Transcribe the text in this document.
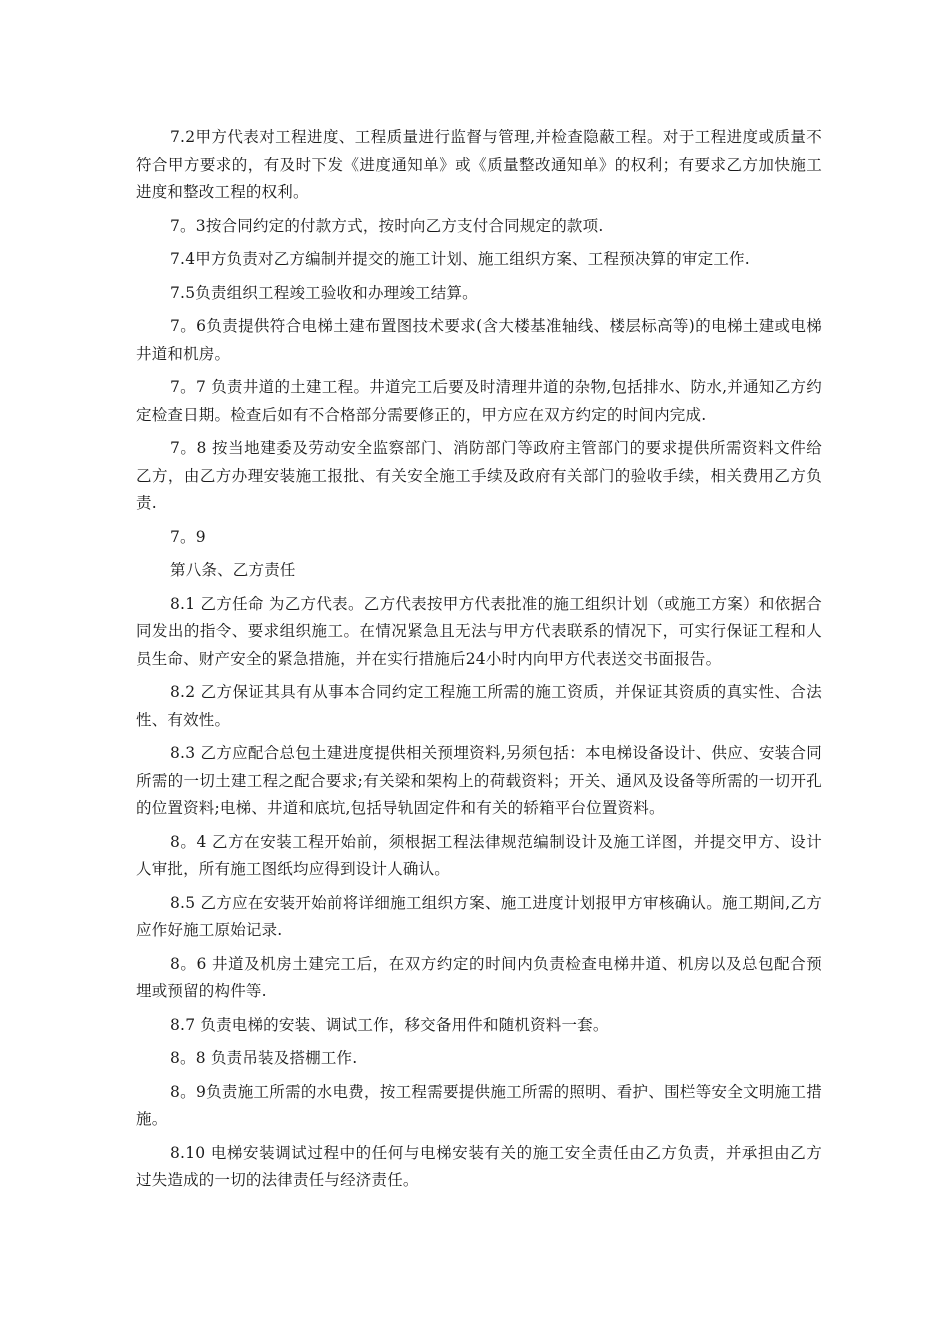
7.2甲方代表对工程进度、工程质量进行监督与管理,并检查隐蔽工程。对于工程进度或质量不符合甲方要求的，有及时下发《进度通知单》或《质量整改通知单》的权利；有要求乙方加快施工进度和整改工程的权利。

7。3按合同约定的付款方式，按时向乙方支付合同规定的款项.

7.4甲方负责对乙方编制并提交的施工计划、施工组织方案、工程预决算的审定工作.

7.5负责组织工程竣工验收和办理竣工结算。

7。6负责提供符合电梯土建布置图技术要求(含大楼基准轴线、楼层标高等)的电梯土建或电梯井道和机房。

7。7 负责井道的土建工程。井道完工后要及时清理井道的杂物,包括排水、防水,并通知乙方约定检查日期。检查后如有不合格部分需要修正的，甲方应在双方约定的时间内完成.

7。8 按当地建委及劳动安全监察部门、消防部门等政府主管部门的要求提供所需资料文件给乙方，由乙方办理安装施工报批、有关安全施工手续及政府有关部门的验收手续，相关费用乙方负责.

7。9

第八条、乙方责任

8.1 乙方任命 为乙方代表。乙方代表按甲方代表批准的施工组织计划（或施工方案）和依据合同发出的指令、要求组织施工。在情况紧急且无法与甲方代表联系的情况下，可实行保证工程和人员生命、财产安全的紧急措施，并在实行措施后24小时内向甲方代表送交书面报告。

8.2 乙方保证其具有从事本合同约定工程施工所需的施工资质，并保证其资质的真实性、合法性、有效性。

8.3 乙方应配合总包土建进度提供相关预埋资料,另须包括：本电梯设备设计、供应、安装合同所需的一切土建工程之配合要求;有关梁和架构上的荷载资料；开关、通风及设备等所需的一切开孔的位置资料;电梯、井道和底坑,包括导轨固定件和有关的轿箱平台位置资料。

8。4 乙方在安装工程开始前，须根据工程法律规范编制设计及施工详图，并提交甲方、设计人审批，所有施工图纸均应得到设计人确认。

8.5 乙方应在安装开始前将详细施工组织方案、施工进度计划报甲方审核确认。施工期间,乙方应作好施工原始记录.

8。6 井道及机房土建完工后，在双方约定的时间内负责检查电梯井道、机房以及总包配合预埋或预留的构件等.

8.7 负责电梯的安装、调试工作，移交备用件和随机资料一套。

8。8 负责吊装及搭棚工作.

8。9负责施工所需的水电费，按工程需要提供施工所需的照明、看护、围栏等安全文明施工措施。

8.10 电梯安装调试过程中的任何与电梯安装有关的施工安全责任由乙方负责，并承担由乙方过失造成的一切的法律责任与经济责任。
